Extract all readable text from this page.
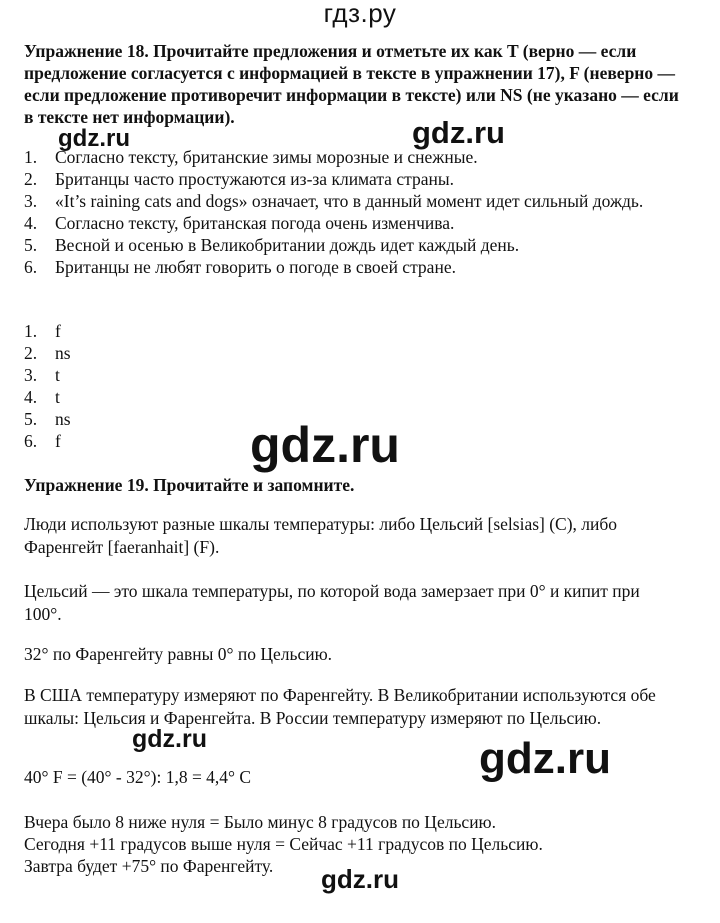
гдз.ру
Упражнение 18. Прочитайте предложения и отметьте их как T (верно — если предложение согласуется с информацией в тексте в упражнении 17), F (неверно — если предложение противоречит информации в тексте) или NS (не указано — если в тексте нет информации).
gdz.ru	gdz.ru
1.	Согласно тексту, британские зимы морозные и снежные.
2.	Британцы часто простужаются из-за климата страны.
3.	«It’s raining cats and dogs» означает, что в данный момент идет сильный дождь.
4.	Согласно тексту, британская погода очень изменчива.
5.	Весной и осенью в Великобритании дождь идет каждый день.
6.	Британцы не любят говорить о погоде в своей стране.
1.	f
2.	ns
3.	t
4.	t
5.	ns
6.	f	gdz.ru
Упражнение 19. Прочитайте и запомните.
Люди используют разные шкалы температуры: либо Цельсий [selsias] (C), либо Фаренгейт [faeranhait] (F).
Цельсий — это шкала температуры, по которой вода замерзает при 0° и кипит при 100°.
32° по Фаренгейту равны 0° по Цельсию.
В США температуру измеряют по Фаренгейту. В Великобритании используются обе шкалы: Цельсия и Фаренгейта. В России температуру измеряют по Цельсию.
gdz.ru	gdz.ru
40° F = (40° - 32°): 1,8 = 4,4° C
Вчера было 8 ниже нуля = Было минус 8 градусов по Цельсию.
Сегодня +11 градусов выше нуля = Сейчас +11 градусов по Цельсию.
Завтра будет +75° по Фаренгейту.	gdz.ru
